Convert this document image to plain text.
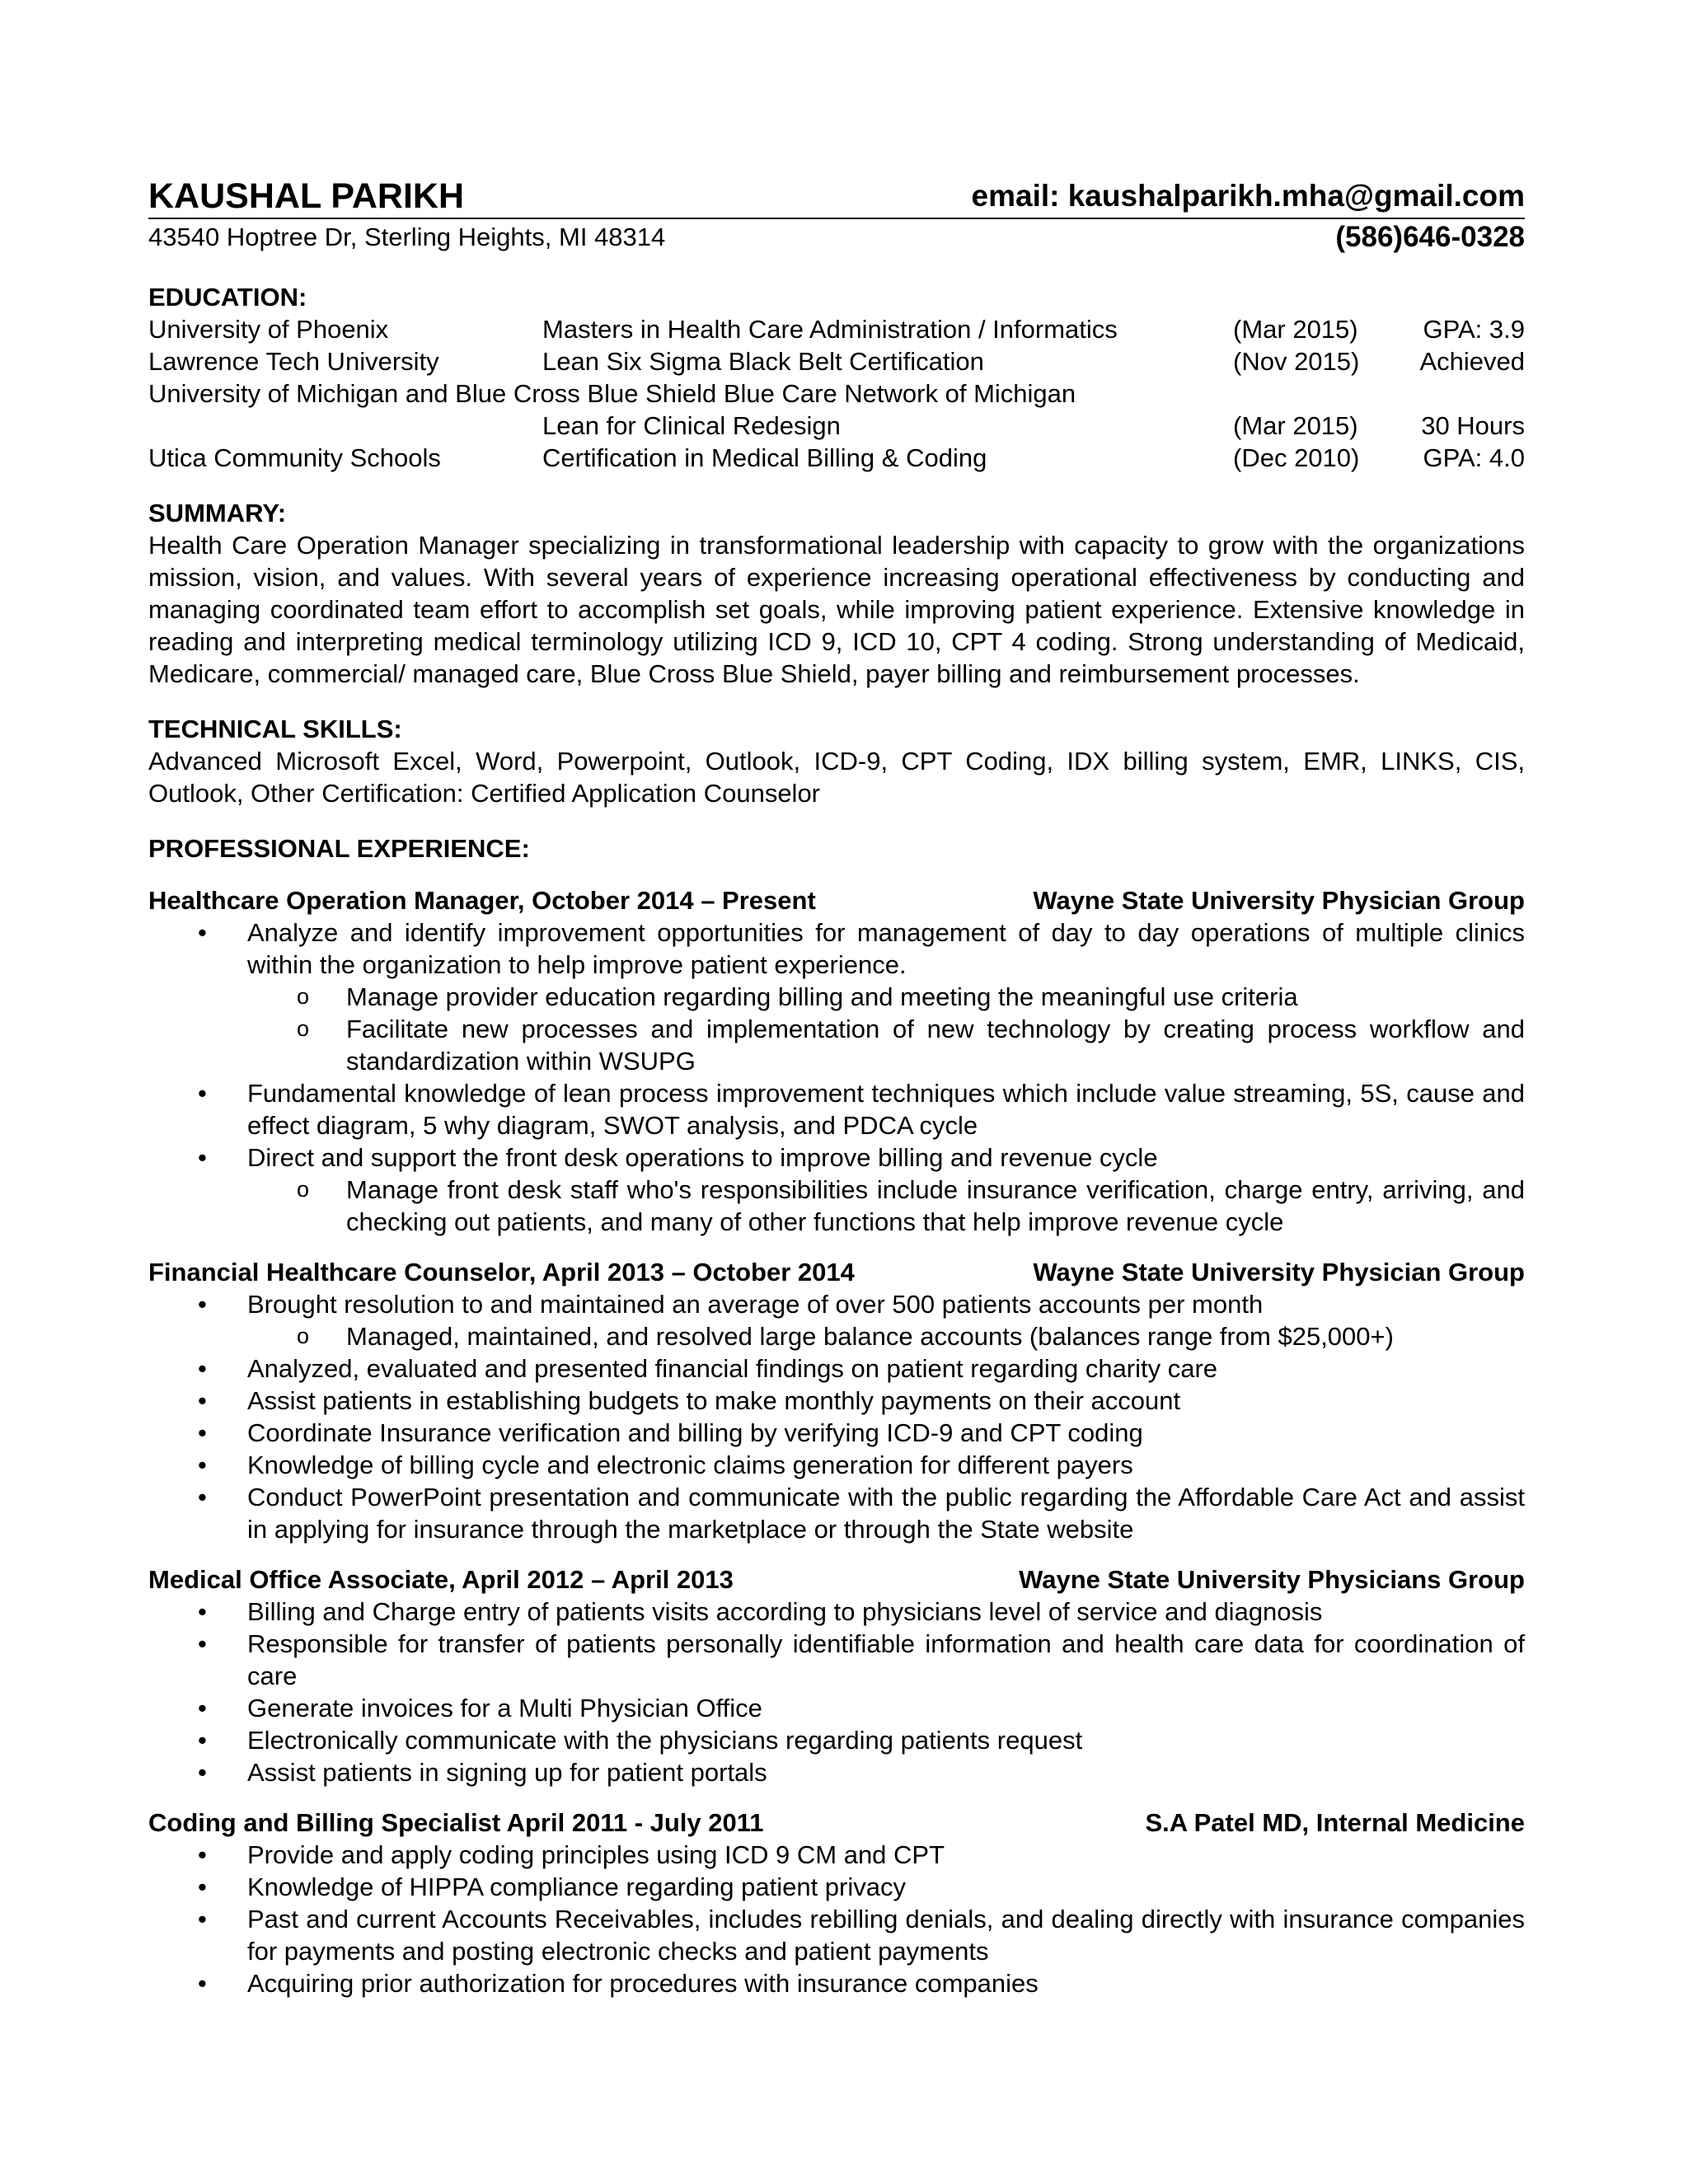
KAUSHAL PARIKH	email: kaushalparikh.mha@gmail.com
43540 Hoptree Dr, Sterling Heights, MI 48314	(586)646-0328
EDUCATION:
University of Phoenix	Masters in Health Care Administration / Informatics	(Mar 2015)	GPA: 3.9
Lawrence Tech University	Lean Six Sigma Black Belt Certification	(Nov 2015)	Achieved
University of Michigan and Blue Cross Blue Shield Blue Care Network of Michigan
Lean for Clinical Redesign	(Mar 2015)	30 Hours
Utica Community Schools	Certification in Medical Billing & Coding	(Dec 2010)	GPA: 4.0
SUMMARY:
Health Care Operation Manager specializing in transformational leadership with capacity to grow with the organizations mission, vision, and values. With several years of experience increasing operational effectiveness by conducting and managing coordinated team effort to accomplish set goals, while improving patient experience. Extensive knowledge in reading and interpreting medical terminology utilizing ICD 9, ICD 10, CPT 4 coding. Strong understanding of Medicaid, Medicare, commercial/ managed care, Blue Cross Blue Shield, payer billing and reimbursement processes.
TECHNICAL SKILLS:
Advanced Microsoft Excel, Word, Powerpoint, Outlook, ICD-9, CPT Coding, IDX billing system, EMR, LINKS, CIS, Outlook, Other Certification: Certified Application Counselor
PROFESSIONAL EXPERIENCE:
Healthcare Operation Manager, October 2014 – Present	Wayne State University Physician Group
• Analyze and identify improvement opportunities for management of day to day operations of multiple clinics within the organization to help improve patient experience.
o Manage provider education regarding billing and meeting the meaningful use criteria
o Facilitate new processes and implementation of new technology by creating process workflow and standardization within WSUPG
• Fundamental knowledge of lean process improvement techniques which include value streaming, 5S, cause and effect diagram, 5 why diagram, SWOT analysis, and PDCA cycle
• Direct and support the front desk operations to improve billing and revenue cycle
o Manage front desk staff who's responsibilities include insurance verification, charge entry, arriving, and checking out patients, and many of other functions that help improve revenue cycle
Financial Healthcare Counselor, April 2013 – October 2014	Wayne State University Physician Group
• Brought resolution to and maintained an average of over 500 patients accounts per month
o Managed, maintained, and resolved large balance accounts (balances range from $25,000+)
• Analyzed, evaluated and presented financial findings on patient regarding charity care
• Assist patients in establishing budgets to make monthly payments on their account
• Coordinate Insurance verification and billing by verifying ICD-9 and CPT coding
• Knowledge of billing cycle and electronic claims generation for different payers
• Conduct PowerPoint presentation and communicate with the public regarding the Affordable Care Act and assist in applying for insurance through the marketplace or through the State website
Medical Office Associate, April 2012 – April 2013	Wayne State University Physicians Group
• Billing and Charge entry of patients visits according to physicians level of service and diagnosis
• Responsible for transfer of patients personally identifiable information and health care data for coordination of care
• Generate invoices for a Multi Physician Office
• Electronically communicate with the physicians regarding patients request
• Assist patients in signing up for patient portals
Coding and Billing Specialist April 2011 - July 2011	S.A Patel MD, Internal Medicine
• Provide and apply coding principles using ICD 9 CM and CPT
• Knowledge of HIPPA compliance regarding patient privacy
• Past and current Accounts Receivables, includes rebilling denials, and dealing directly with insurance companies for payments and posting electronic checks and patient payments
• Acquiring prior authorization for procedures with insurance companies
